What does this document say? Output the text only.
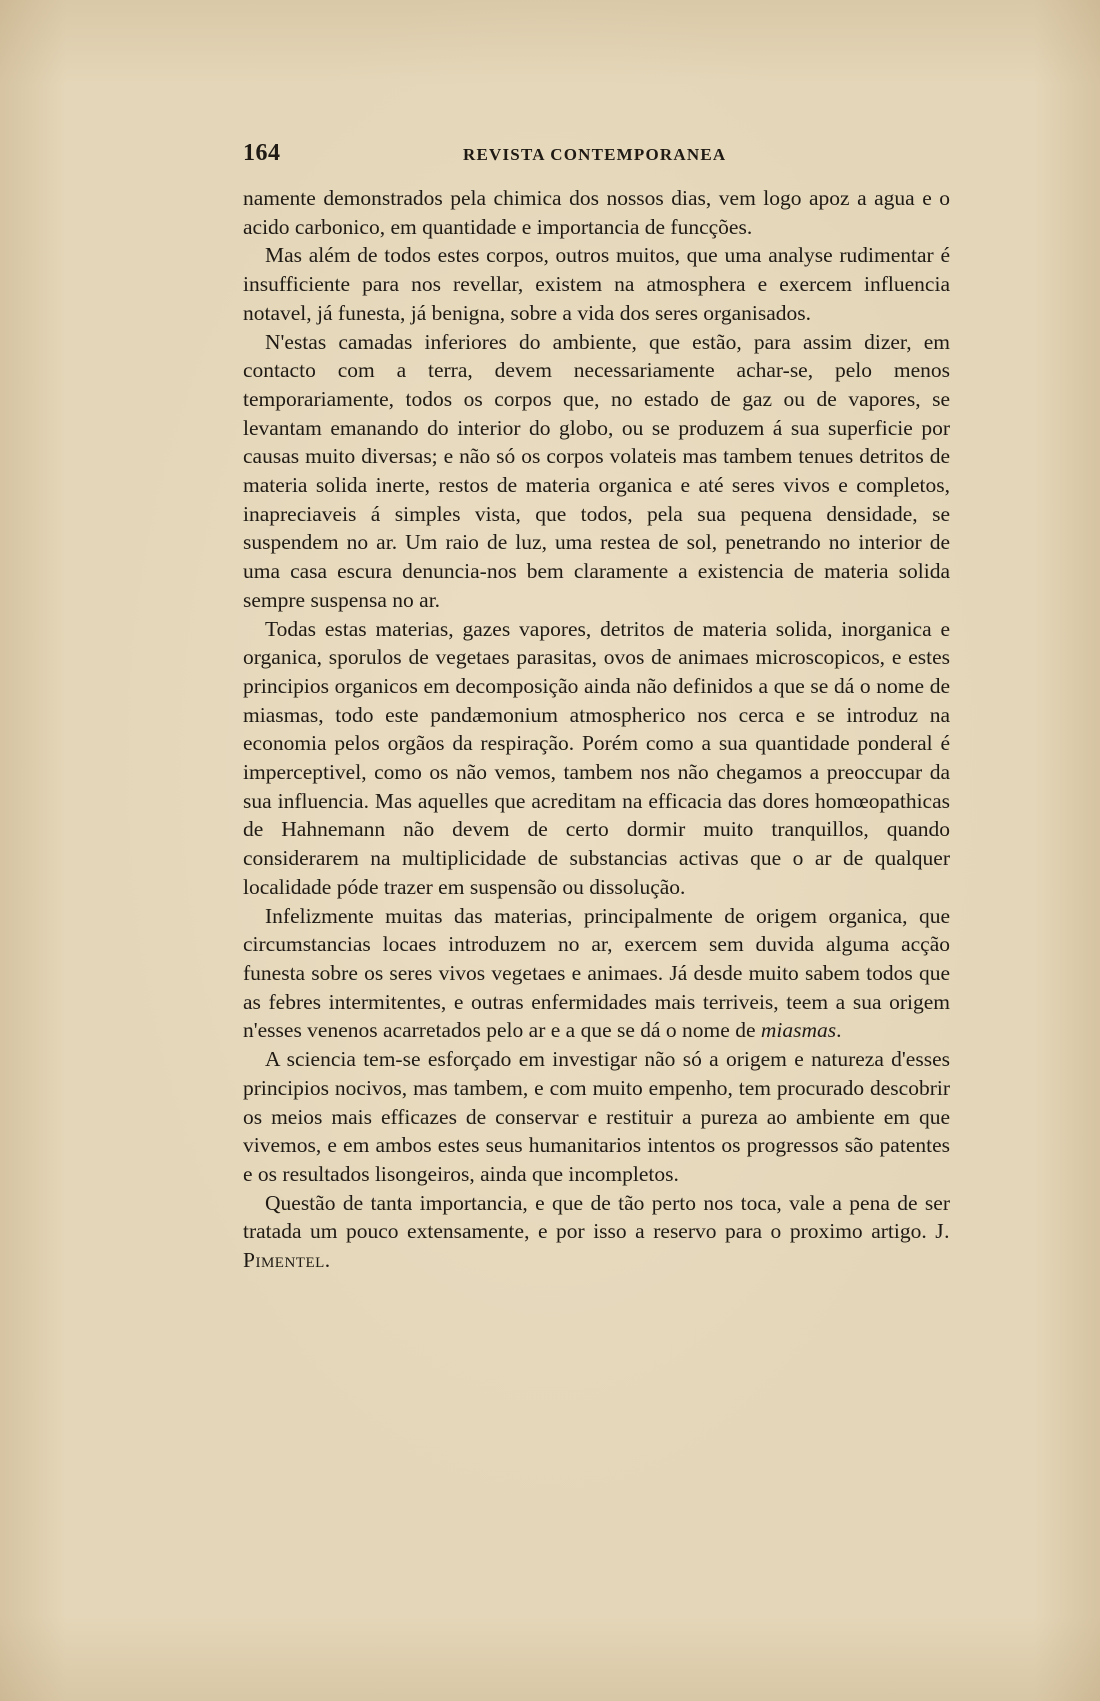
164	REVISTA CONTEMPORANEA

namente demonstrados pela chimica dos nossos dias, vem logo apoz a agua e o acido carbonico, em quantidade e importancia de funcções.

Mas além de todos estes corpos, outros muitos, que uma analyse rudimentar é insufficiente para nos revellar, existem na atmosphera e exercem influencia notavel, já funesta, já benigna, sobre a vida dos seres organisados.

N'estas camadas inferiores do ambiente, que estão, para assim dizer, em contacto com a terra, devem necessariamente achar-se, pelo menos temporariamente, todos os corpos que, no estado de gaz ou de vapores, se levantam emanando do interior do globo, ou se produzem á sua superficie por causas muito diversas; e não só os corpos volateis mas tambem tenues detritos de materia solida inerte, restos de materia organica e até seres vivos e completos, inapreciaveis á simples vista, que todos, pela sua pequena densidade, se suspendem no ar. Um raio de luz, uma restea de sol, penetrando no interior de uma casa escura denuncia-nos bem claramente a existencia de materia solida sempre suspensa no ar.

Todas estas materias, gazes vapores, detritos de materia solida, inorganica e organica, sporulos de vegetaes parasitas, ovos de animaes microscopicos, e estes principios organicos em decomposição ainda não definidos a que se dá o nome de miasmas, todo este pandæmonium atmospherico nos cerca e se introduz na economia pelos orgãos da respiração. Porém como a sua quantidade ponderal é imperceptivel, como os não vemos, tambem nos não chegamos a preoccupar da sua influencia. Mas aquelles que acreditam na efficacia das dores homœopathicas de Hahnemann não devem de certo dormir muito tranquillos, quando considerarem na multiplicidade de substancias activas que o ar de qualquer localidade póde trazer em suspensão ou dissolução.

Infelizmente muitas das materias, principalmente de origem organica, que circumstancias locaes introduzem no ar, exercem sem duvida alguma acção funesta sobre os seres vivos vegetaes e animaes. Já desde muito sabem todos que as febres intermitentes, e outras enfermidades mais terriveis, teem a sua origem n'esses venenos acarretados pelo ar e a que se dá o nome de miasmas.

A sciencia tem-se esforçado em investigar não só a origem e natureza d'esses principios nocivos, mas tambem, e com muito empenho, tem procurado descobrir os meios mais efficazes de conservar e restituir a pureza ao ambiente em que vivemos, e em ambos estes seus humanitarios intentos os progressos são patentes e os resultados lisongeiros, ainda que incompletos.

Questão de tanta importancia, e que de tão perto nos toca, vale a pena de ser tratada um pouco extensamente, e por isso a reservo para o proximo artigo. J. Pimentel.
